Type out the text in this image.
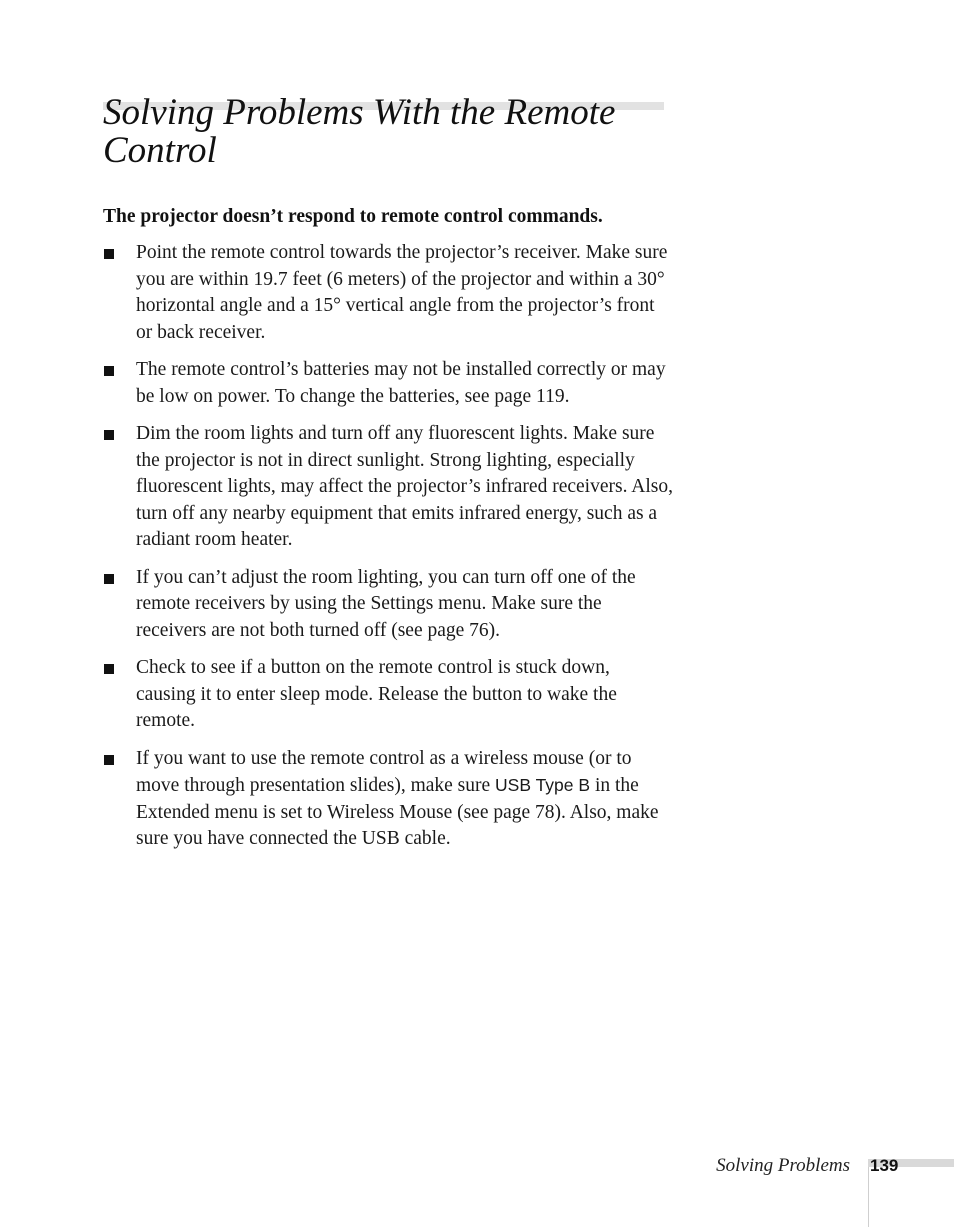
Solving Problems With the Remote Control
The projector doesn’t respond to remote control commands.
Point the remote control towards the projector’s receiver. Make sure you are within 19.7 feet (6 meters) of the projector and within a 30° horizontal angle and a 15° vertical angle from the projector’s front or back receiver.
The remote control’s batteries may not be installed correctly or may be low on power. To change the batteries, see page 119.
Dim the room lights and turn off any fluorescent lights. Make sure the projector is not in direct sunlight. Strong lighting, especially fluorescent lights, may affect the projector’s infrared receivers. Also, turn off any nearby equipment that emits infrared energy, such as a radiant room heater.
If you can’t adjust the room lighting, you can turn off one of the remote receivers by using the Settings menu. Make sure the receivers are not both turned off (see page 76).
Check to see if a button on the remote control is stuck down, causing it to enter sleep mode. Release the button to wake the remote.
If you want to use the remote control as a wireless mouse (or to move through presentation slides), make sure USB Type B in the Extended menu is set to Wireless Mouse (see page 78). Also, make sure you have connected the USB cable.
Solving Problems 139
